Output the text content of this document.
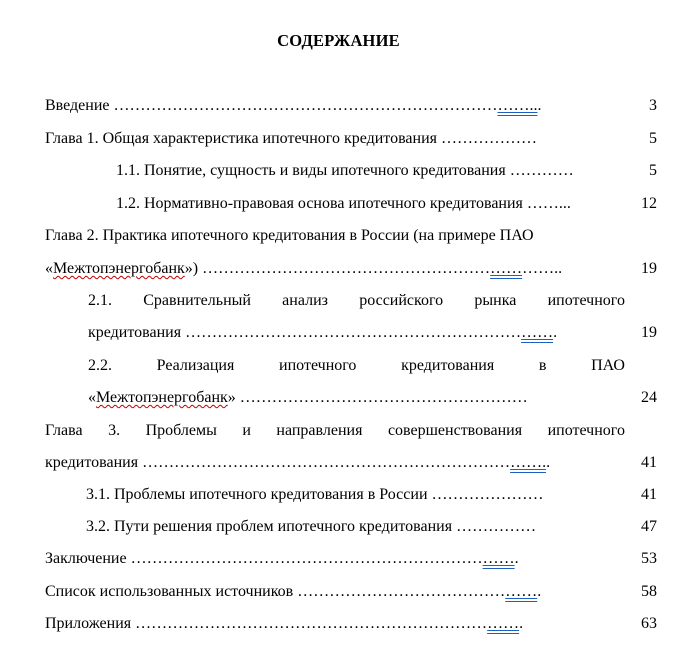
СОДЕРЖАНИЕ
Введение ……………………………………………………………………...	3
Глава 1. Общая характеристика ипотечного кредитования ………………	5
1.1. Понятие, сущность и виды ипотечного кредитования …………	5
1.2. Нормативно-правовая основа ипотечного кредитования ……...	12
Глава 2. Практика ипотечного кредитования в России (на примере ПАО
«Межтопэнергобанк») …………………………………………………………..	19
2.1. Сравнительный анализ российского рынка ипотечного
кредитования …………………………………………………………….	19
2.2.	Реализация	ипотечного	кредитования	в	ПАО
«Межтопэнергобанк» ………………………………………………	24
Глава 3. Проблемы и направления совершенствования ипотечного
кредитования …………………………………………………………………..	41
3.1. Проблемы ипотечного кредитования в России …………………	41
3.2. Пути решения проблем ипотечного кредитования ……………	47
Заключение ……………………………………………………………….	53
Список использованных источников ……………………………………….	58
Приложения ……………………………………………………………….	63
